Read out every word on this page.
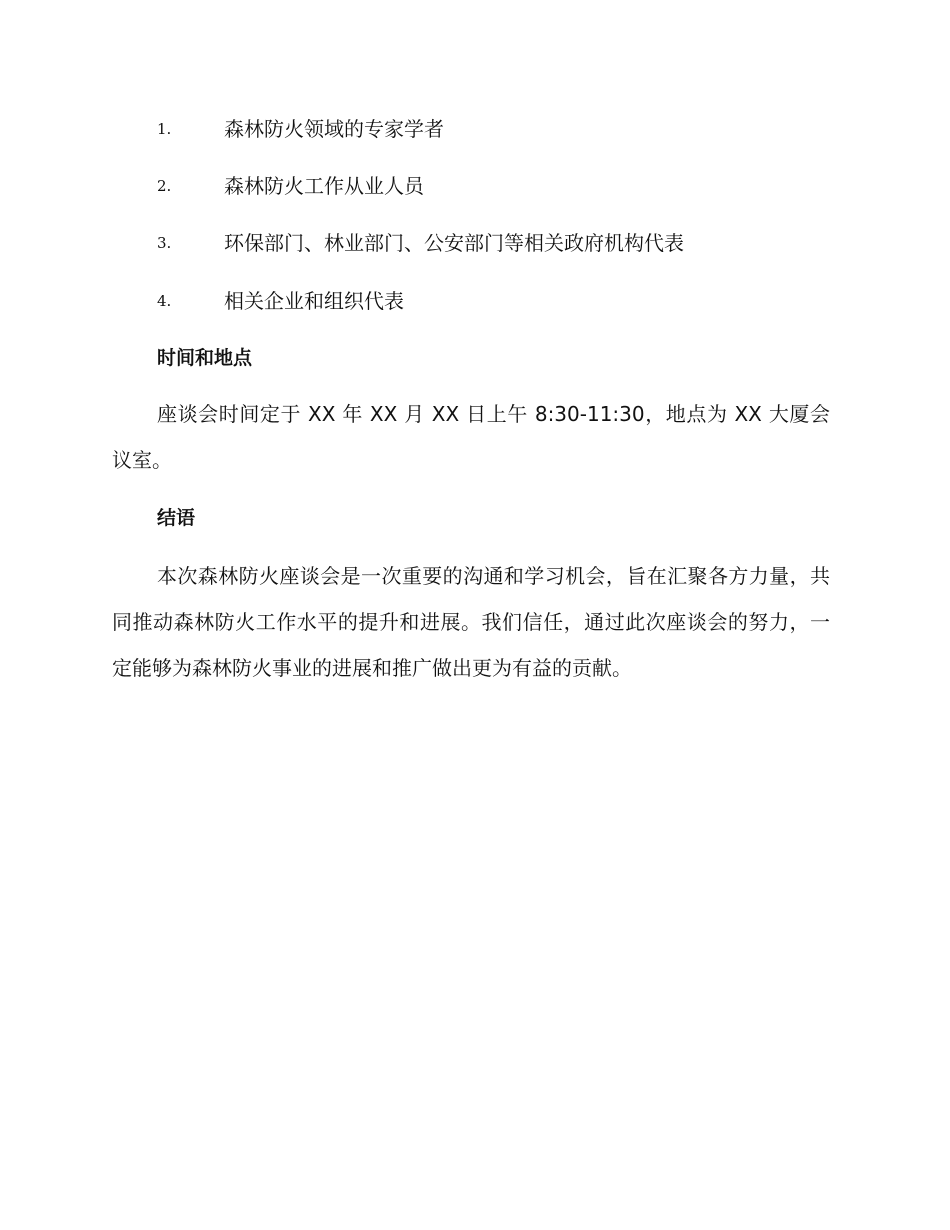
1.	森林防火领域的专家学者
2.	森林防火工作从业人员
3.	环保部门、林业部门、公安部门等相关政府机构代表
4.	相关企业和组织代表
时间和地点

座谈会时间定于 XX 年 XX 月 XX 日上午 8:30-11:30，地点为 XX 大厦会议室。

结语

本次森林防火座谈会是一次重要的沟通和学习机会，旨在汇聚各方力量，共同推动森林防火工作水平的提升和进展。我们信任，通过此次座谈会的努力，一定能够为森林防火事业的进展和推广做出更为有益的贡献。
